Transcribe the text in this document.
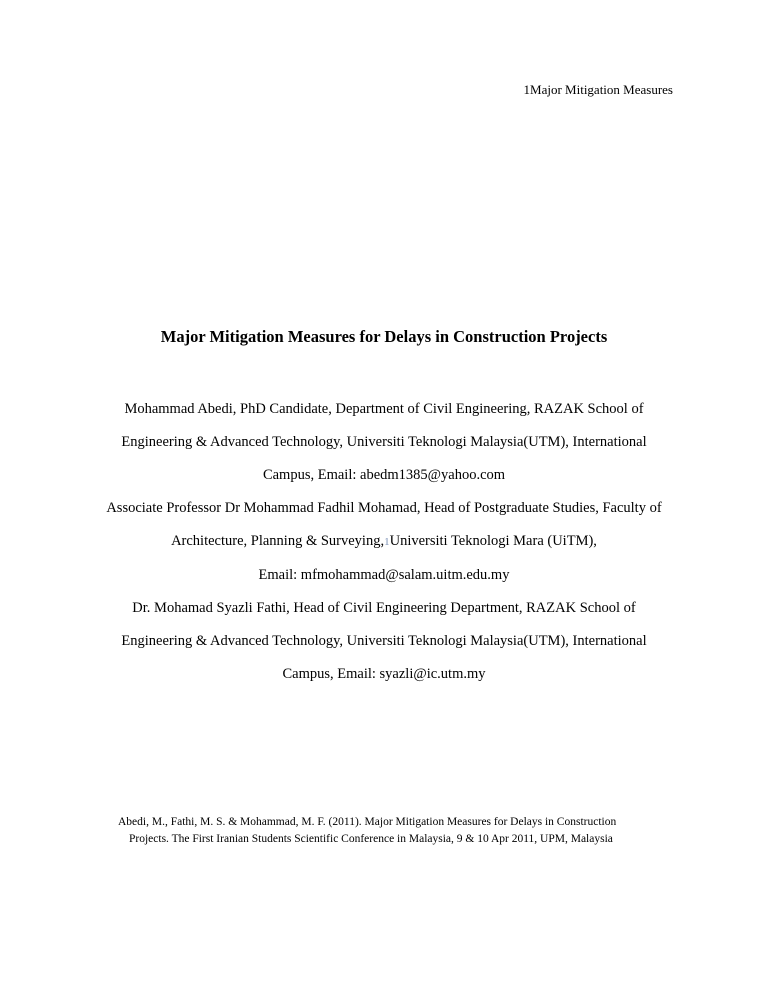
1Major Mitigation Measures
Major Mitigation Measures for Delays in Construction Projects
Mohammad Abedi, PhD Candidate, Department of Civil Engineering, RAZAK School of
Engineering & Advanced Technology, Universiti Teknologi Malaysia(UTM), International
Campus, Email: abedm1385@yahoo.com
Associate Professor Dr Mohammad Fadhil Mohamad, Head of Postgraduate Studies, Faculty of
Architecture, Planning & Surveying,1Universiti Teknologi Mara (UiTM),
Email: mfmohammad@salam.uitm.edu.my
Dr. Mohamad Syazli Fathi, Head of Civil Engineering Department, RAZAK School of
Engineering & Advanced Technology, Universiti Teknologi Malaysia(UTM), International
Campus, Email: syazli@ic.utm.my
Abedi, M., Fathi, M. S. & Mohammad, M. F. (2011). Major Mitigation Measures for Delays in Construction
Projects. The First Iranian Students Scientific Conference in Malaysia, 9 & 10 Apr 2011, UPM, Malaysia
